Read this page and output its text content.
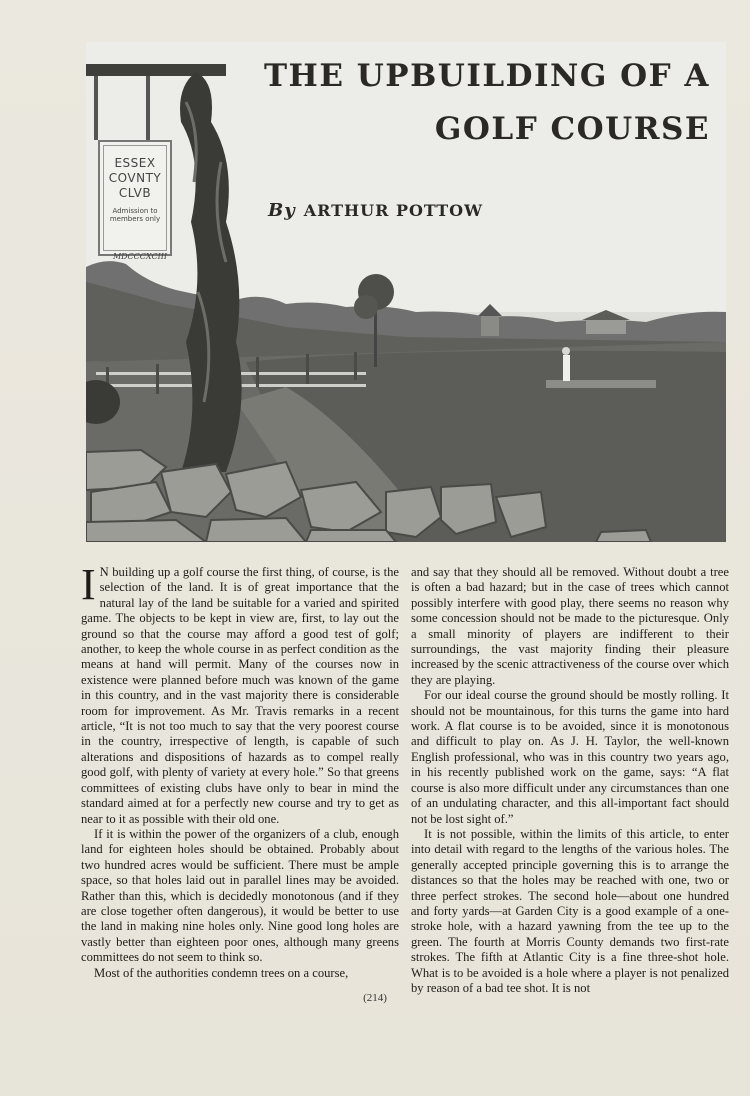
ESSEX
COVNTY
CLVB
Admission to members only
MDCCCXCIII
THE UPBUILDING OF A
GOLF COURSE
By ARTHUR POTTOW

I N building up a golf course the first thing, of course, is the selection of the land. It is of great importance that the natural lay of the land be suitable for a varied and spirited game. The objects to be kept in view are, first, to lay out the ground so that the course may afford a good test of golf; another, to keep the whole course in as perfect condition as the means at hand will permit. Many of the courses now in existence were planned before much was known of the game in this country, and in the vast majority there is considerable room for improvement. As Mr. Travis remarks in a recent article, “It is not too much to say that the very poorest course in the country, irrespective of length, is capable of such alterations and dispositions of hazards as to compel really good golf, with plenty of variety at every hole.” So that greens committees of existing clubs have only to bear in mind the standard aimed at for a perfectly new course and try to get as near to it as possible with their old one.

If it is within the power of the organizers of a club, enough land for eighteen holes should be obtained. Probably about two hundred acres would be sufficient. There must be ample space, so that holes laid out in parallel lines may be avoided. Rather than this, which is decidedly monotonous (and if they are close together often dangerous), it would be better to use the land in making nine holes only. Nine good long holes are vastly better than eighteen poor ones, although many greens committees do not seem to think so.

Most of the authorities condemn trees on a course,

and say that they should all be removed. Without doubt a tree is often a bad hazard; but in the case of trees which cannot possibly interfere with good play, there seems no reason why some concession should not be made to the picturesque. Only a small minority of players are indifferent to their surroundings, the vast majority finding their pleasure increased by the scenic attractiveness of the course over which they are playing.

For our ideal course the ground should be mostly rolling. It should not be mountainous, for this turns the game into hard work. A flat course is to be avoided, since it is monotonous and difficult to play on. As J. H. Taylor, the well-known English professional, who was in this country two years ago, in his recently published work on the game, says: “A flat course is also more difficult under any circumstances than one of an undulating character, and this all-important fact should not be lost sight of.”

It is not possible, within the limits of this article, to enter into detail with regard to the lengths of the various holes. The generally accepted principle governing this is to arrange the distances so that the holes may be reached with one, two or three perfect strokes. The second hole—about one hundred and forty yards—at Garden City is a good example of a one-stroke hole, with a hazard yawning from the tee up to the green. The fourth at Morris County demands two first-rate strokes. The fifth at Atlantic City is a fine three-shot hole. What is to be avoided is a hole where a player is not penalized by reason of a bad tee shot. It is not

(214)
